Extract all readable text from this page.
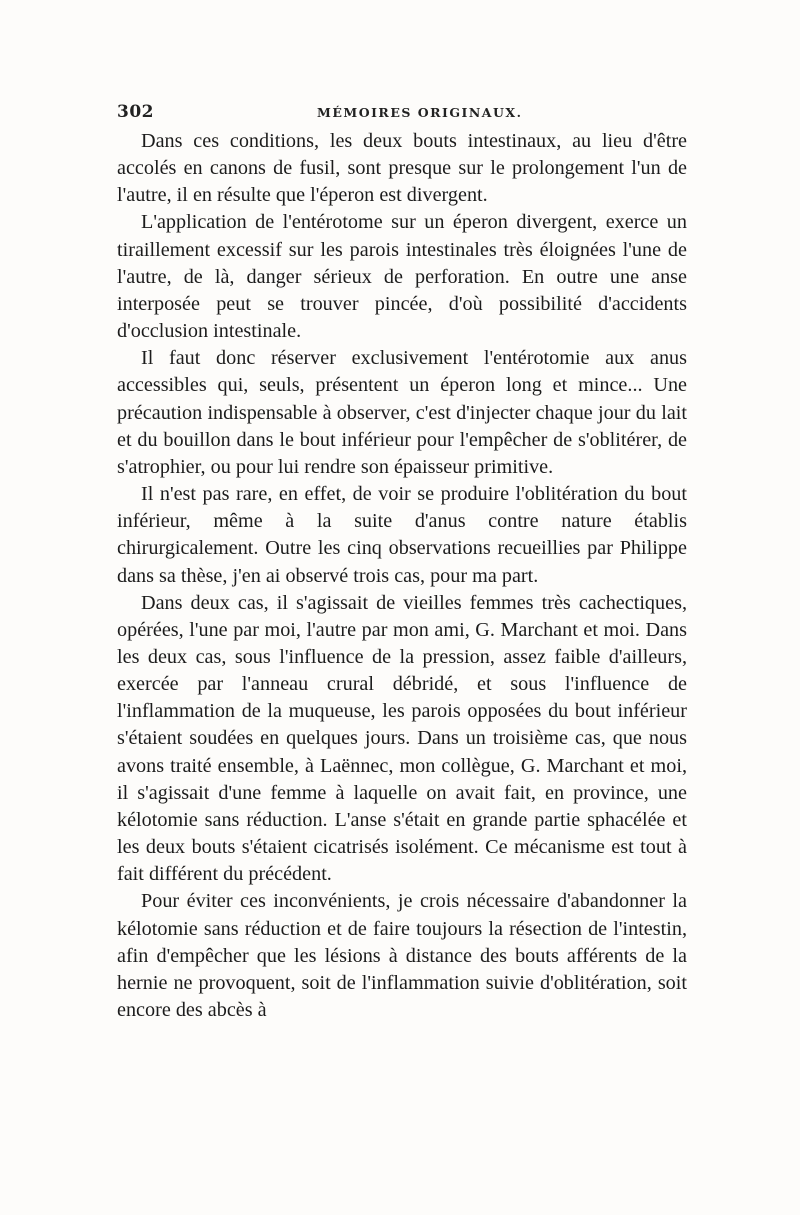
302	MÉMOIRES ORIGINAUX.

Dans ces conditions, les deux bouts intestinaux, au lieu d'être accolés en canons de fusil, sont presque sur le prolongement l'un de l'autre, il en résulte que l'éperon est divergent.

L'application de l'entérotome sur un éperon divergent, exerce un tiraillement excessif sur les parois intestinales très éloignées l'une de l'autre, de là, danger sérieux de perforation. En outre une anse interposée peut se trouver pincée, d'où possibilité d'accidents d'occlusion intestinale.

Il faut donc réserver exclusivement l'entérotomie aux anus accessibles qui, seuls, présentent un éperon long et mince... Une précaution indispensable à observer, c'est d'injecter chaque jour du lait et du bouillon dans le bout inférieur pour l'empêcher de s'oblitérer, de s'atrophier, ou pour lui rendre son épaisseur primitive.

Il n'est pas rare, en effet, de voir se produire l'oblitération du bout inférieur, même à la suite d'anus contre nature établis chirurgicalement. Outre les cinq observations recueillies par Philippe dans sa thèse, j'en ai observé trois cas, pour ma part.

Dans deux cas, il s'agissait de vieilles femmes très cachectiques, opérées, l'une par moi, l'autre par mon ami, G. Marchant et moi. Dans les deux cas, sous l'influence de la pression, assez faible d'ailleurs, exercée par l'anneau crural débridé, et sous l'influence de l'inflammation de la muqueuse, les parois opposées du bout inférieur s'étaient soudées en quelques jours. Dans un troisième cas, que nous avons traité ensemble, à Laënnec, mon collègue, G. Marchant et moi, il s'agissait d'une femme à laquelle on avait fait, en province, une kélotomie sans réduction. L'anse s'était en grande partie sphacélée et les deux bouts s'étaient cicatrisés isolément. Ce mécanisme est tout à fait différent du précédent.

Pour éviter ces inconvénients, je crois nécessaire d'abandonner la kélotomie sans réduction et de faire toujours la résection de l'intestin, afin d'empêcher que les lésions à distance des bouts afférents de la hernie ne provoquent, soit de l'inflammation suivie d'oblitération, soit encore des abcès à
